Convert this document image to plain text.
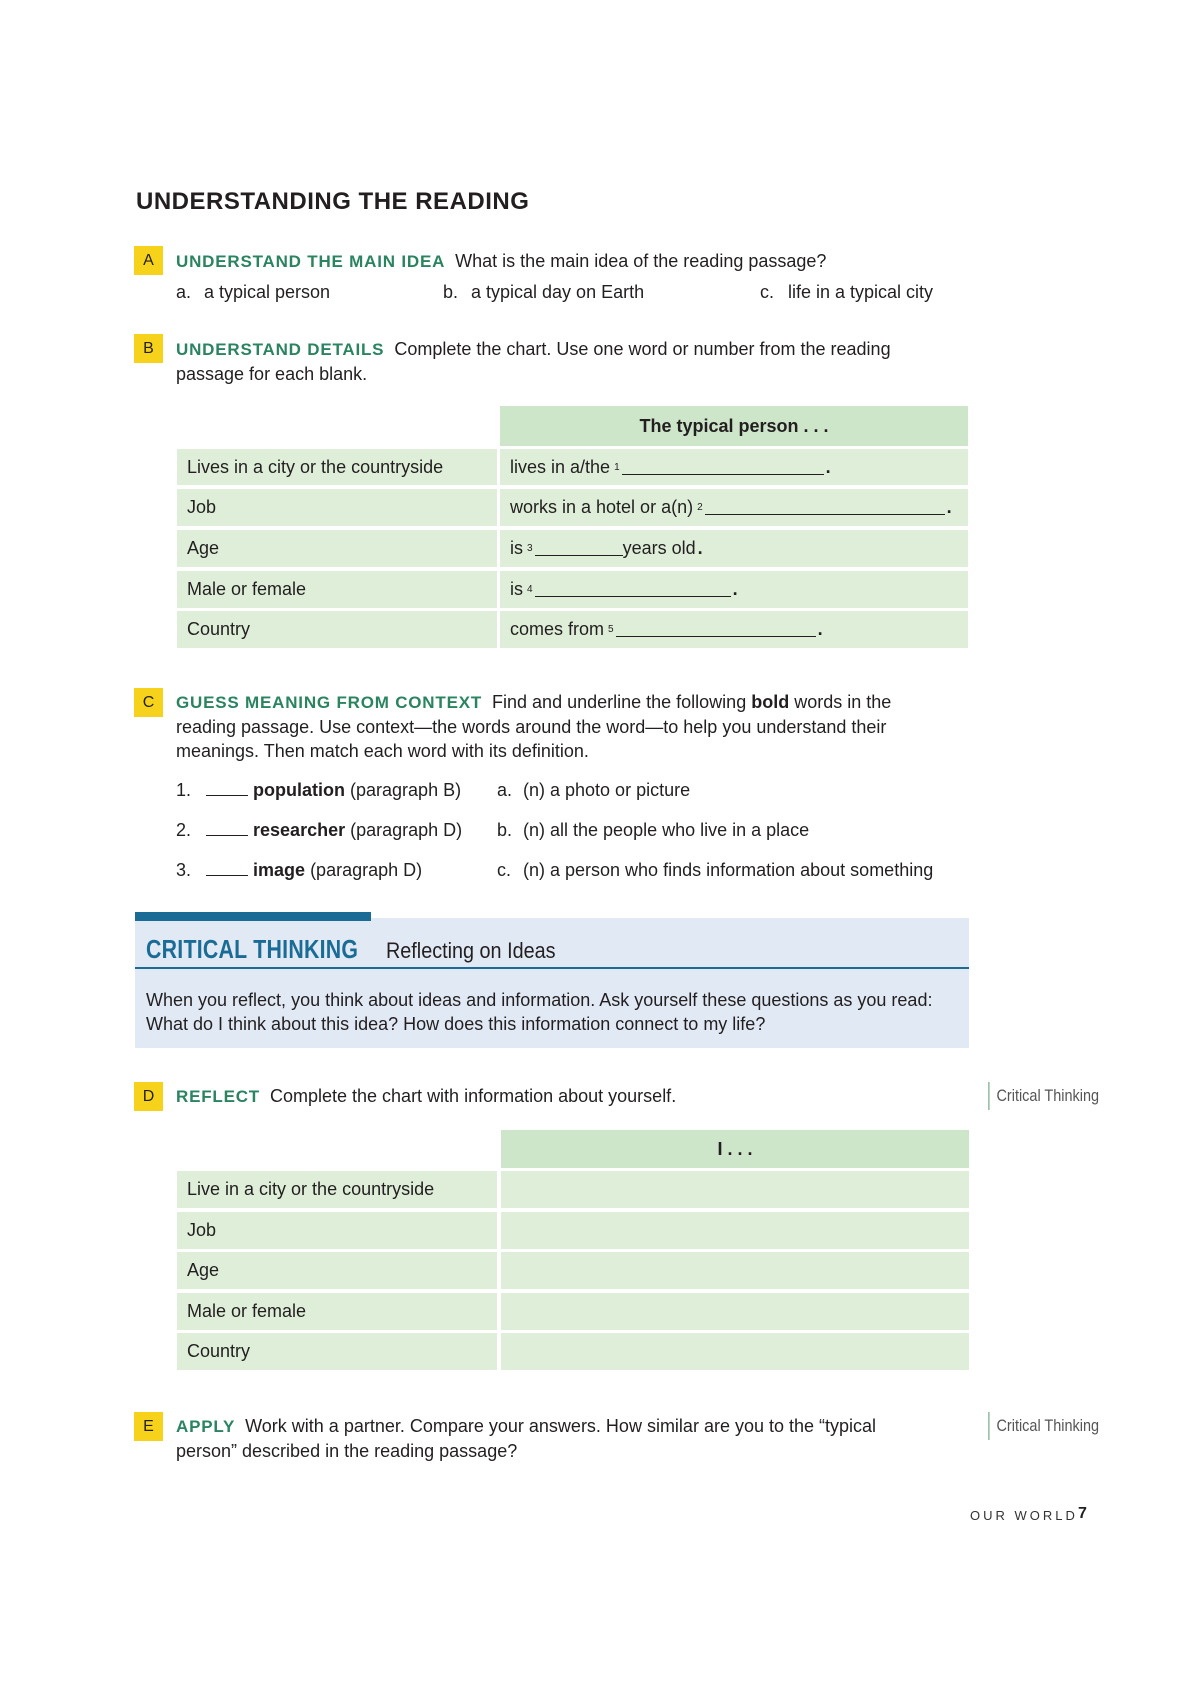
UNDERSTANDING THE READING
A	UNDERSTAND THE MAIN IDEA What is the main idea of the reading passage?
a. a typical person	b. a typical day on Earth	c. life in a typical city
B	UNDERSTAND DETAILS Complete the chart. Use one word or number from the reading
passage for each blank.
The typical person . . .
Lives in a city or the countryside	lives in a/the 1	.
Job	works in a hotel or a(n) 2	.
Age	is 3	years old .
Male or female	is 4	.
Country	comes from 5	.
C	GUESS MEANING FROM CONTEXT Find and underline the following bold words in the
reading passage. Use context—the words around the word—to help you understand their
meanings. Then match each word with its definition.
1.	population (paragraph B) a. (n) a photo or picture
2.	researcher (paragraph D) b. (n) all the people who live in a place
3.	image (paragraph D)	c. (n) a person who finds information about something
CRITICAL THINKING Reflecting on Ideas
When you reflect, you think about ideas and information. Ask yourself these questions as you read: What do I think about this idea? How does this information connect to my life?
D	REFLECT Complete the chart with information about yourself.	Critical Thinking
I . . .
Live in a city or the countryside
Job
Age
Male or female
Country
E	APPLY Work with a partner. Compare your answers. How similar are you to the “typical
person” described in the reading passage?
Critical Thinking
OUR WORLD 7
